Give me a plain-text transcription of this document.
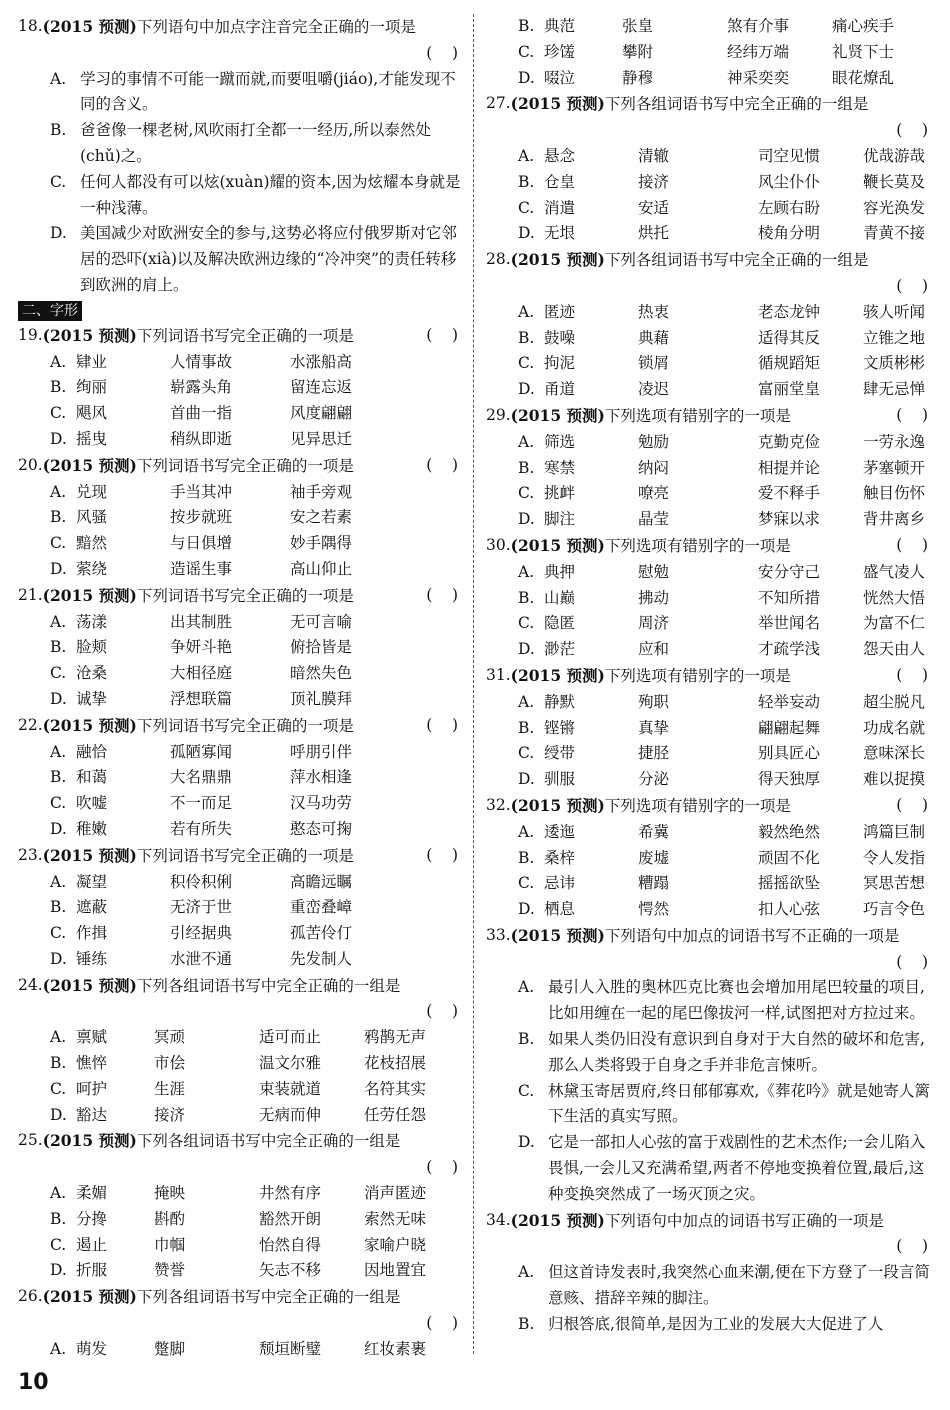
18. (2015 预测)下列语句中加点字注音完全正确的一项是
(    )
A. 学习的事情不可能一蹴而就,而要咀嚼(jiáo),才能发现不同的含义。
B. 爸爸像一棵老树,风吹雨打全都一一经历,所以泰然处(chǔ)之。
C. 任何人都没有可以炫(xuàn)耀的资本,因为炫耀本身就是一种浅薄。
D. 美国减少对欧洲安全的参与,这势必将应付俄罗斯对它邻居的恐吓(xià)以及解决欧洲边缘的“冷冲突”的责任转移到欧洲的肩上。
二、字形
19. (2015 预测)下列词语书写完全正确的一项是	(    )
A. 肄业	人情事故	水涨船高
B. 绚丽	崭露头角	留连忘返
C. 飓风	首曲一指	风度翩翩
D. 摇曳	稍纵即逝	见异思迁
20. (2015 预测)下列词语书写完全正确的一项是	(    )
A. 兑现	手当其冲	袖手旁观
B. 风骚	按步就班	安之若素
C. 黯然	与日俱增	妙手隅得
D. 萦绕	造谣生事	高山仰止
21. (2015 预测)下列词语书写完全正确的一项是	(    )
A. 荡漾	出其制胜	无可言喻
B. 脸颊	争妍斗艳	俯拾皆是
C. 沧桑	大相径庭	暗然失色
D. 诚挚	浮想联篇	顶礼膜拜
22. (2015 预测)下列词语书写完全正确的一项是	(    )
A. 融恰	孤陋寡闻	呼朋引伴
B. 和蔼	大名鼎鼎	萍水相逢
C. 吹嘘	不一而足	汉马功劳
D. 稚嫩	若有所失	憨态可掬
23. (2015 预测)下列词语书写完全正确的一项是	(    )
A. 凝望	积伶积俐	高瞻远瞩
B. 遮蔽	无济于世	重峦叠嶂
C. 作揖	引经据典	孤苦伶仃
D. 锤练	水泄不通	先发制人
24. (2015 预测)下列各组词语书写中完全正确的一组是
(    )
A. 禀赋	冥顽	适可而止	鸦鹊无声
B. 憔悴	市侩	温文尔雅	花枝招展
C. 呵护	生涯	束装就道	名符其实
D. 豁达	接济	无病而伸	任劳任怨
25. (2015 预测)下列各组词语书写中完全正确的一组是
(    )
A. 柔媚	掩映	井然有序	消声匿迹
B. 分搀	斟酌	豁然开朗	索然无味
C. 遏止	巾帼	怡然自得	家喻户晓
D. 折服	赞誉	矢志不移	因地置宜
26. (2015 预测)下列各组词语书写中完全正确的一组是
(    )
A. 萌发	蹩脚	颓垣断璧	红妆素裹
B. 典范	张皇	煞有介事	痛心疾手
C. 珍馐	攀附	经纬万端	礼贤下士
D. 啜泣	静穆	神采奕奕	眼花燎乱
27. (2015 预测)下列各组词语书写中完全正确的一组是
(    )
A. 悬念	清辙	司空见惯	优哉游哉
B. 仓皇	接济	风尘仆仆	鞭长莫及
C. 消遣	安适	左顾右盼	容光涣发
D. 无垠	烘托	棱角分明	青黄不接
28. (2015 预测)下列各组词语书写中完全正确的一组是
(    )
A. 匿迹	热衷	老态龙钟	骇人听闻
B. 鼓噪	典藉	适得其反	立锥之地
C. 拘泥	锁屑	循规蹈矩	文质彬彬
D. 甬道	凌迟	富丽堂皇	肆无忌惮
29. (2015 预测)下列选项有错别字的一项是	(    )
A. 筛选	勉励	克勤克俭	一劳永逸
B. 寒禁	纳闷	相提并论	茅塞顿开
C. 挑衅	嘹亮	爱不释手	触目伤怀
D. 脚注	晶莹	梦寐以求	背井离乡
30. (2015 预测)下列选项有错别字的一项是	(    )
A. 典押	慰勉	安分守己	盛气凌人
B. 山巅	拂动	不知所措	恍然大悟
C. 隐匿	周济	举世闻名	为富不仁
D. 渺茫	应和	才疏学浅	怨天由人
31. (2015 预测)下列选项有错别字的一项是	(    )
A. 静默	殉职	轻举妄动	超尘脱凡
B. 铿锵	真挚	翩翩起舞	功成名就
C. 绶带	捷胫	别具匠心	意味深长
D. 驯服	分泌	得天独厚	难以捉摸
32. (2015 预测)下列选项有错别字的一项是	(    )
A. 逶迤	希冀	毅然绝然	鸿篇巨制
B. 桑梓	废墟	顽固不化	令人发指
C. 忌讳	糟蹋	摇摇欲坠	冥思苦想
D. 栖息	愕然	扣人心弦	巧言令色
33. (2015 预测)下列语句中加点的词语书写不正确的一项是
(    )
A. 最引人入胜的奥林匹克比赛也会增加用尾巴较量的项目,比如用缠在一起的尾巴像拔河一样,试图把对方拉过来。
B. 如果人类仍旧没有意识到自身对于大自然的破坏和危害,那么人类将毁于自身之手并非危言悚听。
C. 林黛玉寄居贾府,终日郁郁寡欢,《葬花吟》就是她寄人篱下生活的真实写照。
D. 它是一部扣人心弦的富于戏剧性的艺术杰作;一会儿陷入畏惧,一会儿又充满希望,两者不停地变换着位置,最后,这种变换突然成了一场灭顶之灾。
34. (2015 预测)下列语句中加点的词语书写正确的一项是
(    )
A. 但这首诗发表时,我突然心血来潮,便在下方登了一段言简意赅、措辞辛辣的脚注。
B. 归根答底,很简单,是因为工业的发展大大促进了人
10
